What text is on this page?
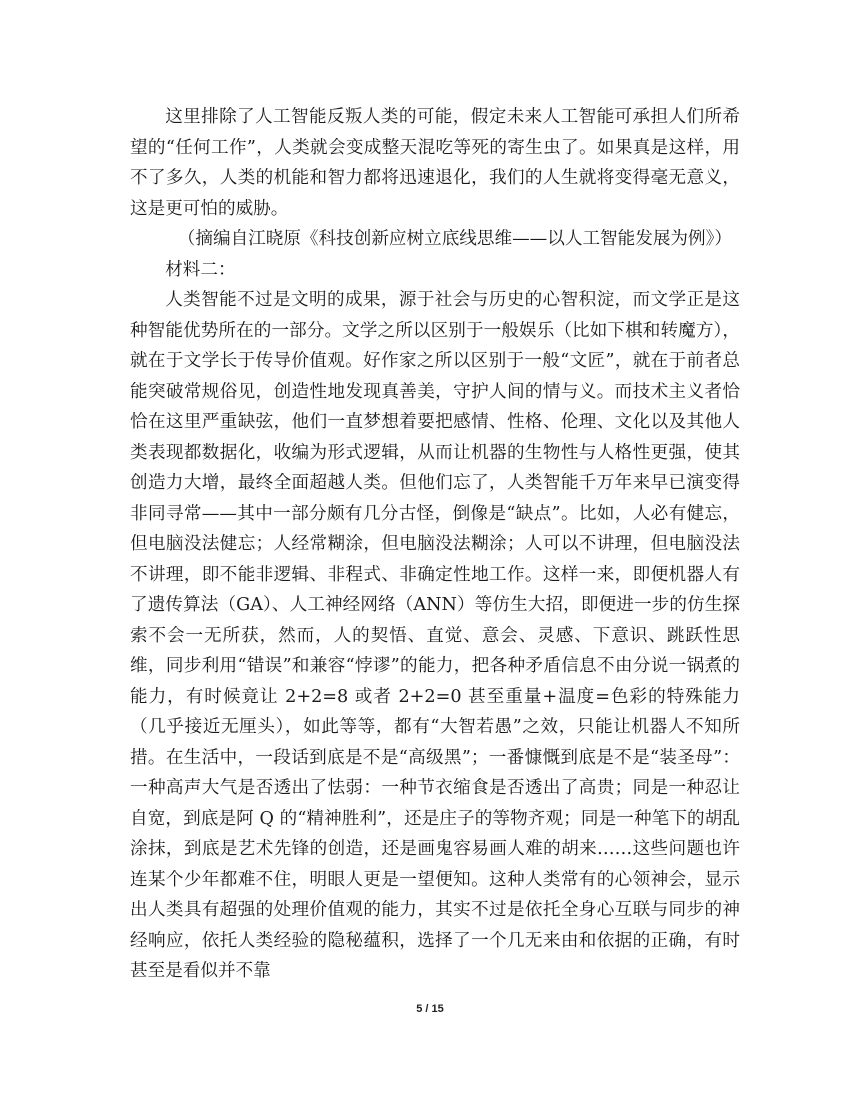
这里排除了人工智能反叛人类的可能，假定未来人工智能可承担人们所希望的“任何工作”，人类就会变成整天混吃等死的寄生虫了。如果真是这样，用不了多久，人类的机能和智力都将迅速退化，我们的人生就将变得毫无意义，这是更可怕的威胁。

（摘编自江晓原《科技创新应树立底线思维——以人工智能发展为例》）

材料二：

人类智能不过是文明的成果，源于社会与历史的心智积淀，而文学正是这种智能优势所在的一部分。文学之所以区别于一般娱乐（比如下棋和转魔方），就在于文学长于传导价值观。好作家之所以区别于一般“文匠”，就在于前者总能突破常规俗见，创造性地发现真善美，守护人间的情与义。而技术主义者恰恰在这里严重缺弦，他们一直梦想着要把感情、性格、伦理、文化以及其他人类表现都数据化，收编为形式逻辑，从而让机器的生物性与人格性更强，使其创造力大增，最终全面超越人类。但他们忘了，人类智能千万年来早已演变得非同寻常——其中一部分颇有几分古怪，倒像是“缺点”。比如，人必有健忘，但电脑没法健忘；人经常糊涂，但电脑没法糊涂；人可以不讲理，但电脑没法不讲理，即不能非逻辑、非程式、非确定性地工作。这样一来，即便机器人有了遗传算法（GA）、人工神经网络（ANN）等仿生大招，即便进一步的仿生探索不会一无所获，然而，人的契悟、直觉、意会、灵感、下意识、跳跃性思维，同步利用“错误”和兼容“悖谬”的能力，把各种矛盾信息不由分说一锅煮的能力，有时候竟让 2+2=8 或者 2+2=0 甚至重量+温度=色彩的特殊能力（几乎接近无厘头），如此等等，都有“大智若愚”之效，只能让机器人不知所措。在生活中，一段话到底是不是“高级黑”；一番慷慨到底是不是“装圣母”：一种高声大气是否透出了怯弱：一种节衣缩食是否透出了高贵；同是一种忍让自宽，到底是阿 Q 的“精神胜利”，还是庄子的等物齐观；同是一种笔下的胡乱涂抹，到底是艺术先锋的创造，还是画鬼容易画人难的胡来……这些问题也许连某个少年都难不住，明眼人更是一望便知。这种人类常有的心领神会，显示出人类具有超强的处理价值观的能力，其实不过是依托全身心互联与同步的神经响应，依托人类经验的隐秘蕴积，选择了一个几无来由和依据的正确，有时甚至是看似并不靠

5 / 15
